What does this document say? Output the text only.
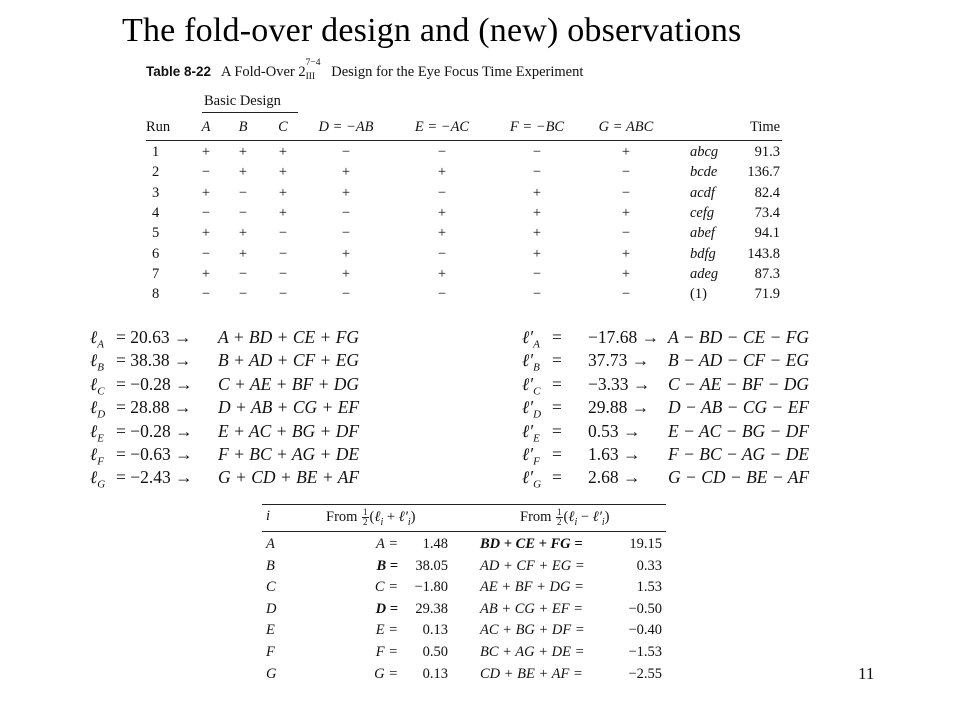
The fold-over design and (new) observations
Table 8-22 A Fold-Over 2
7−4
III Design for the Eye Focus Time Experiment
Basic Design
Run A B C D = −AB	E = −AC	F = −BC G = ABC	Time
1	+ + +	−	−	−	+	abcg	91.3
2	− + +	+	+	−	−	bcde	136.7
3	+ − +	+	−	+	−	acdf	82.4
4	− − +	−	+	+	+	cefg	73.4
5	+ + −	−	+	+	−	abef	94.1
6	− + −	+	−	+	+	bdfg	143.8
7	+ − −	+	+	−	+	adeg	87.3
8	− − −	−	−	−	−	(1)	71.9
ℓ$_A$ = 20.63 → A + BD + CE + FG
ℓ$_B$ = 38.38 → B + AD + CF + EG
ℓ$_C$ = −0.28 → C + AE + BF + DG
ℓ$_D$ = 28.88 → D + AB + CG + EF
ℓ$_E$ = −0.28 → E + AC + BG + DF
ℓ$_F$ = −0.63 → F + BC + AG + DE
ℓ$_G$ = −2.43 → G + CD + BE + AF
$\ell'_A = -17.68 \to A$ − BD − CE − FG
$\ell'_B = 37.73 \to B$ − AD − CF − EG
$\ell'_C = -3.33 \to C$ − AE − BF − DG
$\ell'_D = 29.88 \to D$ − AB − CG − EF
$\ell'_E = 0.53 \to E$ − AC − BG − DF
$\ell'_F = 1.63 \to F$ − BC − AG − DE
$\ell'_G = 2.68 \to G$ − CD − BE − AF
i	From $\frac{1}{2}$ (ℓ$_i$ + $\ell'_i$)	From $\frac{1}{2}$ (ℓ$_i$ − $\ell'_i$)
A	A =	1.48 BD + CE + FG =	19.15
B	B =	38.05 AD + CF + EG =	0.33
C	C =	−1.80 AE + BF + DG =	1.53
D	D =	29.38 AB + CG + EF =	−0.50
E	E =	0.13 AC + BG + DF =	−0.40
F	F =	0.50 BC + AG + DE =	−1.53
G	G =	0.13 CD + BE + AF =	−2.55	11
